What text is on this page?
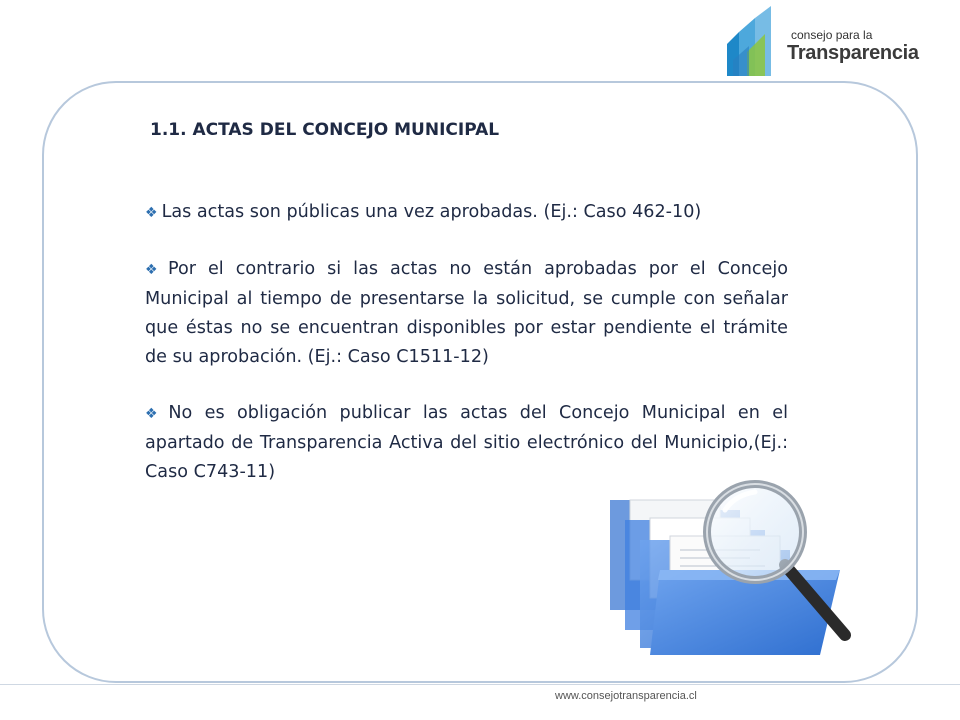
consejo para la
Transparencia
1.1. ACTAS DEL CONCEJO MUNICIPAL

❖ Las actas son públicas una vez aprobadas. (Ej.: Caso 462-10)

❖ Por el contrario si las actas no están aprobadas por el Concejo Municipal al tiempo de presentarse la solicitud, se cumple con señalar que éstas no se encuentran disponibles por estar pendiente el trámite de su aprobación. (Ej.: Caso C1511-12)

❖ No es obligación publicar las actas del Concejo Municipal en el apartado de Transparencia Activa del sitio electrónico del Municipio,(Ej.: Caso C743-11)

www.consejotransparencia.cl
